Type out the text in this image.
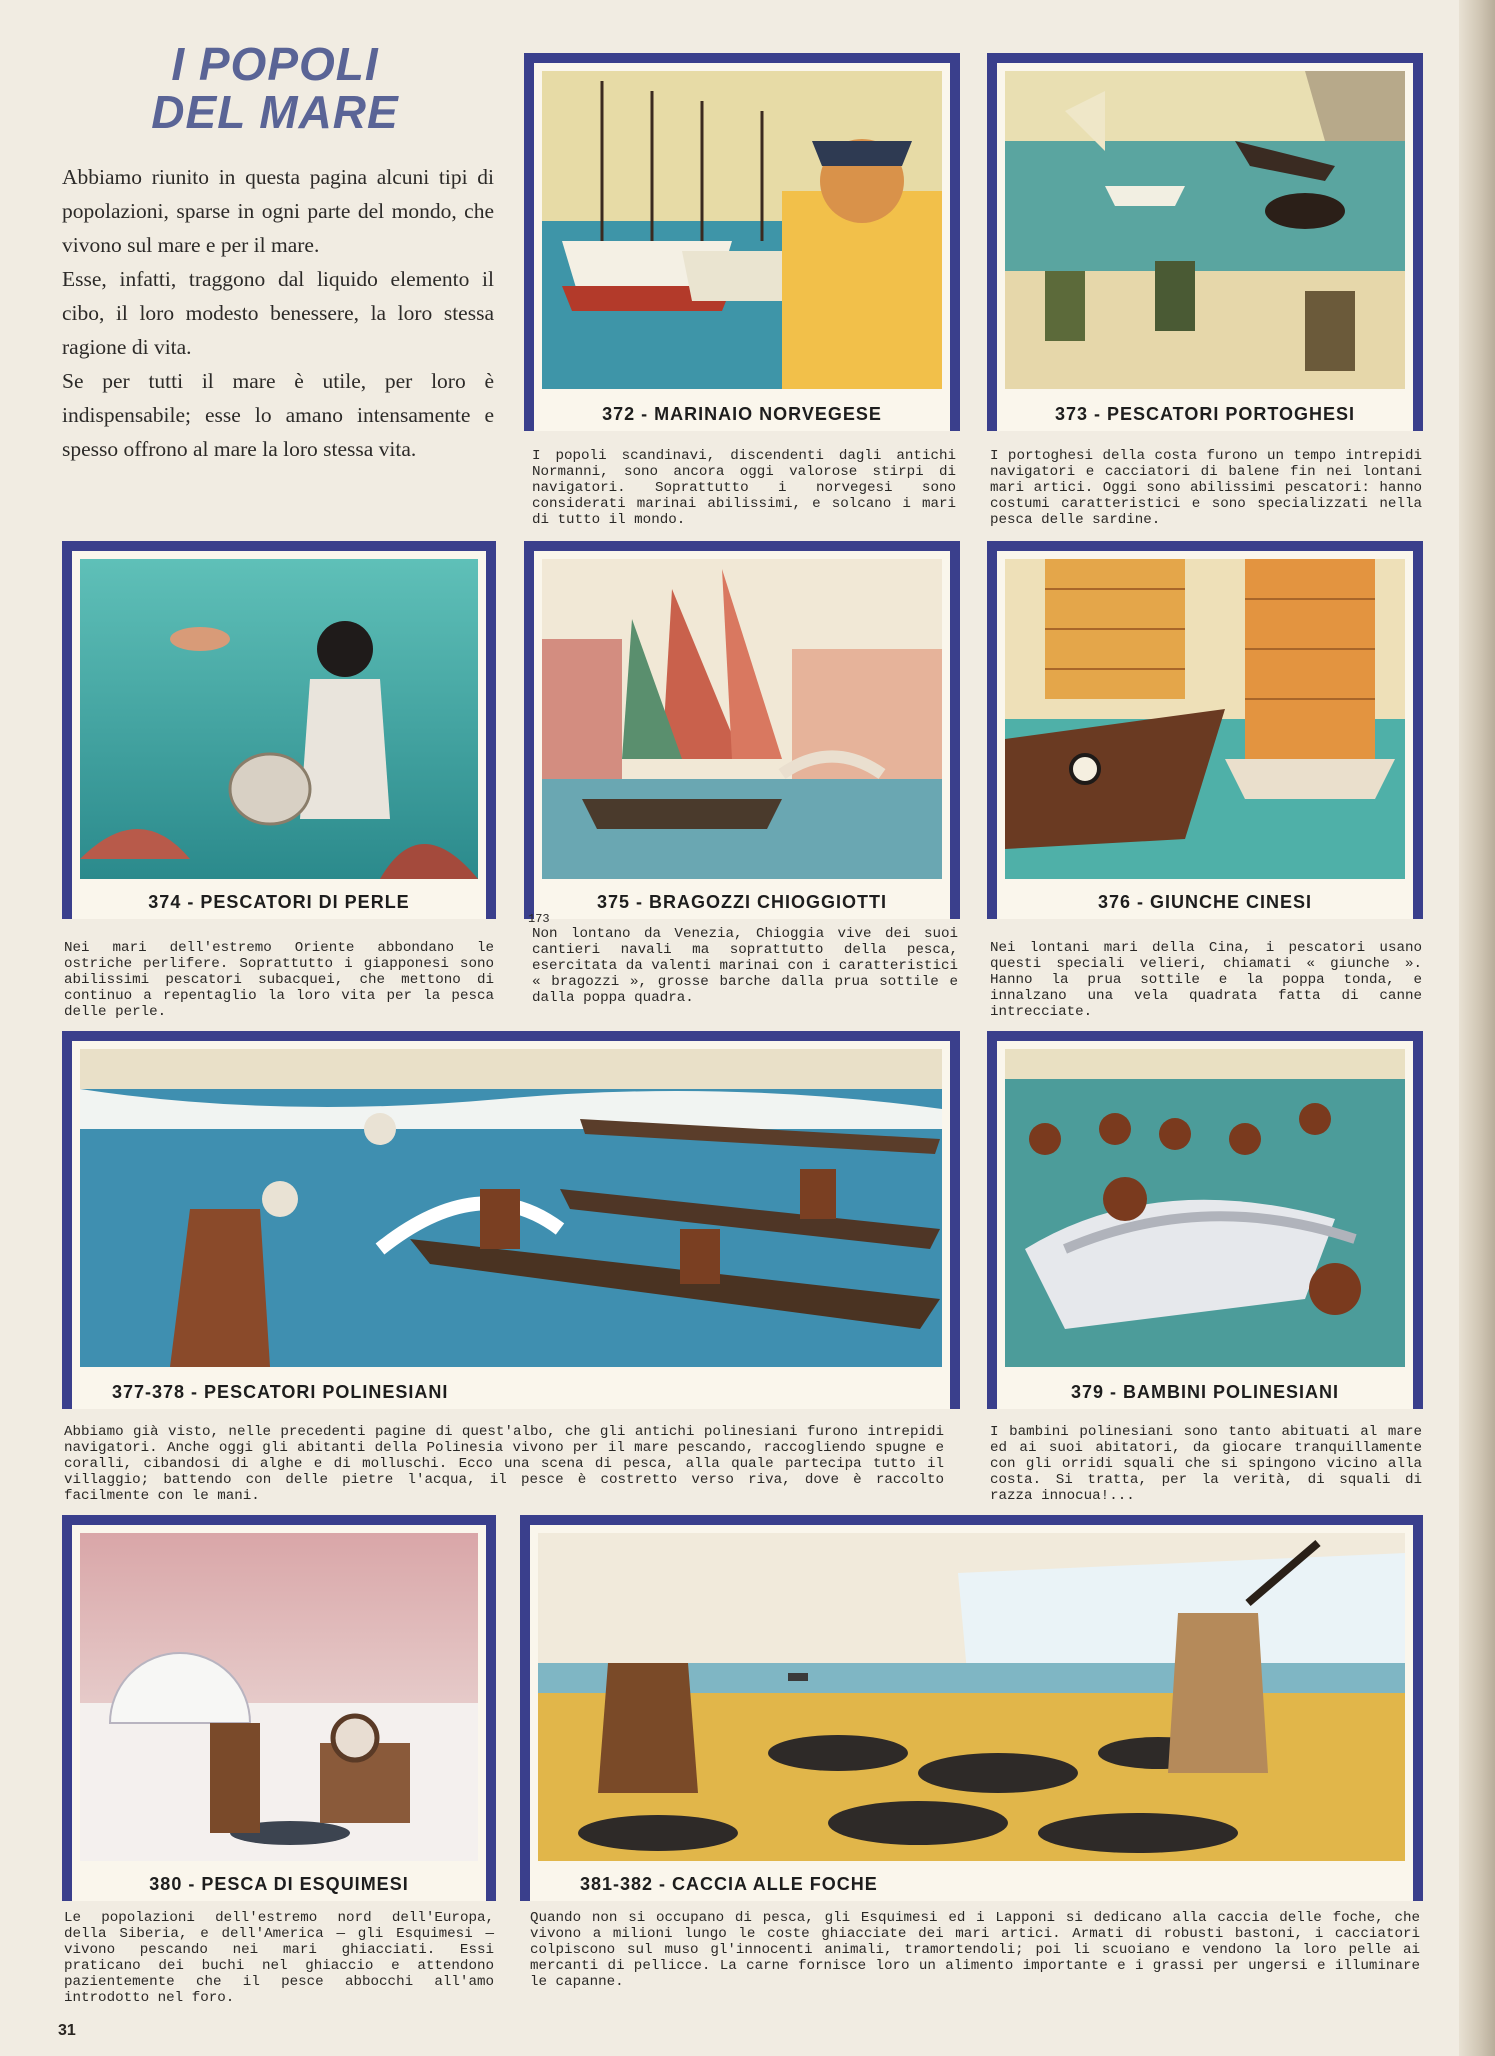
I POPOLI
DEL MARE

Abbiamo riunito in questa pagina alcuni tipi di popolazioni, sparse in ogni parte del mondo, che vivono sul mare e per il mare.

Esse, infatti, traggono dal liquido elemento il cibo, il loro modesto benessere, la loro stessa ragione di vita.

Se per tutti il mare è utile, per loro è indispensabile; esse lo amano intensamente e spesso offrono al mare la loro stessa vita.

372 - MARINAIO NORVEGESE
I popoli scandinavi, discendenti dagli antichi Normanni, sono ancora oggi valorose stirpi di navigatori. Soprattutto i norvegesi sono considerati marinai abilissimi, e solcano i mari di tutto il mondo.
373 - PESCATORI PORTOGHESI
I portoghesi della costa furono un tempo intrepidi navigatori e cacciatori di balene fin nei lontani mari artici. Oggi sono abilissimi pescatori: hanno costumi caratteristici e sono specializzati nella pesca delle sardine.
374 - PESCATORI DI PERLE
Nei mari dell'estremo Oriente abbondano le ostriche perlifere. Soprattutto i giapponesi sono abilissimi pescatori subacquei, che mettono di continuo a repentaglio la loro vita per la pesca delle perle.
375 - BRAGOZZI CHIOGGIOTTI
173
Non lontano da Venezia, Chioggia vive dei suoi cantieri navali ma soprattutto della pesca, esercitata da valenti marinai con i caratteristici « bragozzi », grosse barche dalla prua sottile e dalla poppa quadra.
376 - GIUNCHE CINESI
Nei lontani mari della Cina, i pescatori usano questi speciali velieri, chiamati « giunche ». Hanno la prua sottile e la poppa tonda, e innalzano una vela quadrata fatta di canne intrecciate.
377-378 - PESCATORI POLINESIANI
Abbiamo già visto, nelle precedenti pagine di quest'albo, che gli antichi polinesiani furono intrepidi navigatori. Anche oggi gli abitanti della Polinesia vivono per il mare pescando, raccogliendo spugne e coralli, cibandosi di alghe e di molluschi. Ecco una scena di pesca, alla quale partecipa tutto il villaggio; battendo con delle pietre l'acqua, il pesce è costretto verso riva, dove è raccolto facilmente con le mani.
379 - BAMBINI POLINESIANI
I bambini polinesiani sono tanto abituati al mare ed ai suoi abitatori, da giocare tranquillamente con gli orridi squali che si spingono vicino alla costa. Si tratta, per la verità, di squali di razza innocua!...
380 - PESCA DI ESQUIMESI
Le popolazioni dell'estremo nord dell'Europa, della Siberia, e dell'America — gli Esquimesi — vivono pescando nei mari ghiacciati. Essi praticano dei buchi nel ghiaccio e attendono pazientemente che il pesce abbocchi all'amo introdotto nel foro.
381-382 - CACCIA ALLE FOCHE
Quando non si occupano di pesca, gli Esquimesi ed i Lapponi si dedicano alla caccia delle foche, che vivono a milioni lungo le coste ghiacciate dei mari artici. Armati di robusti bastoni, i cacciatori colpiscono sul muso gl'innocenti animali, tramortendoli; poi li scuoiano e vendono la loro pelle ai mercanti di pellicce. La carne fornisce loro un alimento importante e i grassi per ungersi e illuminare le capanne.
31
